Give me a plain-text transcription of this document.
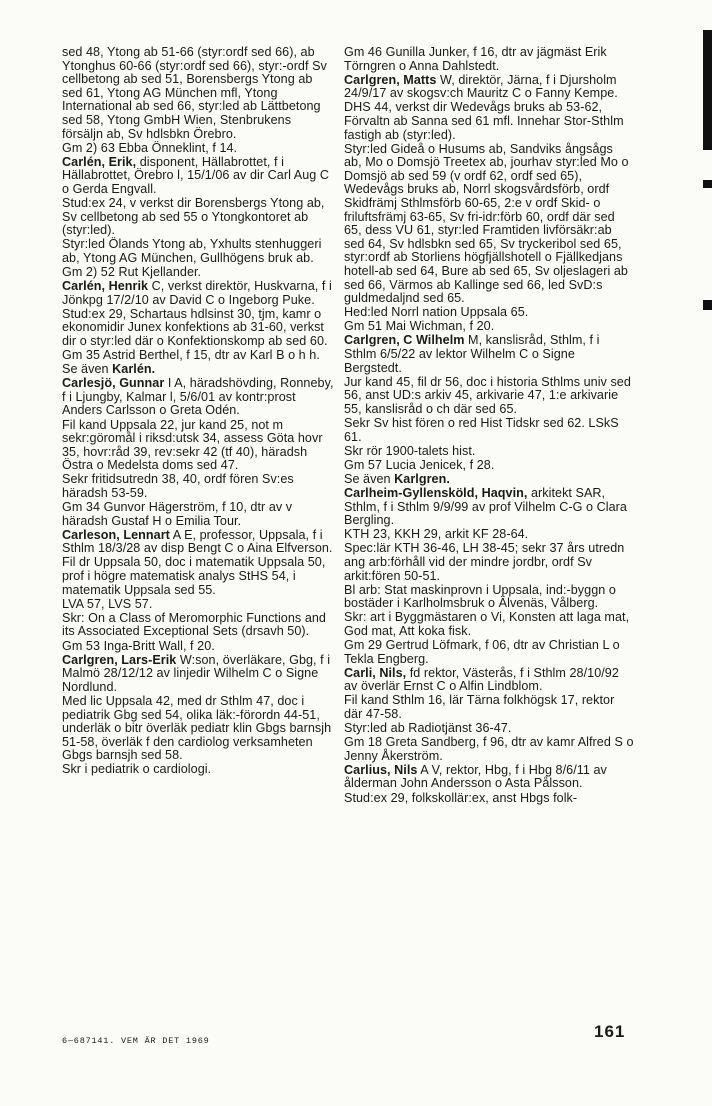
sed 48, Ytong ab 51-66 (styr:ordf sed 66), ab Ytonghus 60-66 (styr:ordf sed 66), styr:-ordf Sv cellbetong ab sed 51, Borensbergs Ytong ab sed 61, Ytong AG München mfl, Ytong International ab sed 66, styr:led ab Lättbetong sed 58, Ytong GmbH Wien, Stenbrukens försäljn ab, Sv hdlsbkn Örebro.

Gm 2) 63 Ebba Önneklint, f 14.

Carlén, Erik, disponent, Hällabrottet, f i Hällabrottet, Örebro l, 15/1/06 av dir Carl Aug C o Gerda Engvall.

Stud:ex 24, v verkst dir Borensbergs Ytong ab, Sv cellbetong ab sed 55 o Ytongkontoret ab (styr:led).

Styr:led Ölands Ytong ab, Yxhults stenhuggeri ab, Ytong AG München, Gullhögens bruk ab.

Gm 2) 52 Rut Kjellander.

Carlén, Henrik C, verkst direktör, Huskvarna, f i Jönkpg 17/2/10 av David C o Ingeborg Puke.

Stud:ex 29, Schartaus hdlsinst 30, tjm, kamr o ekonomidir Junex konfektions ab 31-60, verkst dir o styr:led där o Konfektionskomp ab sed 60.

Gm 35 Astrid Berthel, f 15, dtr av Karl B o h h.

Se även Karlén.

Carlesjö, Gunnar I A, häradshövding, Ronneby, f i Ljungby, Kalmar l, 5/6/01 av kontr:prost Anders Carlsson o Greta Odén.

Fil kand Uppsala 22, jur kand 25, not m sekr:göromål i riksd:utsk 34, assess Göta hovr 35, hovr:råd 39, rev:sekr 42 (tf 40), häradsh Östra o Medelsta doms sed 47.

Sekr fritidsutredn 38, 40, ordf fören Sv:es häradsh 53-59.

Gm 34 Gunvor Hägerström, f 10, dtr av v häradsh Gustaf H o Emilia Tour.

Carleson, Lennart A E, professor, Uppsala, f i Sthlm 18/3/28 av disp Bengt C o Aina Elfverson.

Fil dr Uppsala 50, doc i matematik Uppsala 50, prof i högre matematisk analys StHS 54, i matematik Uppsala sed 55.

LVA 57, LVS 57.

Skr: On a Class of Meromorphic Functions and its Associated Exceptional Sets (drsavh 50).

Gm 53 Inga-Britt Wall, f 20.

Carlgren, Lars-Erik W:son, överläkare, Gbg, f i Malmö 28/12/12 av linjedir Wilhelm C o Signe Nordlund.

Med lic Uppsala 42, med dr Sthlm 47, doc i pediatrik Gbg sed 54, olika läk:-förordn 44-51, underläk o bitr överläk pediatr klin Gbgs barnsjh 51-58, överläk f den cardiolog verksamheten Gbgs barnsjh sed 58.

Skr i pediatrik o cardiologi.

Gm 46 Gunilla Junker, f 16, dtr av jägmäst Erik Törngren o Anna Dahlstedt.

Carlgren, Matts W, direktör, Järna, f i Djursholm 24/9/17 av skogsv:ch Mauritz C o Fanny Kempe.

DHS 44, verkst dir Wedevågs bruks ab 53-62, Förvaltn ab Sanna sed 61 mfl. Innehar Stor-Sthlm fastigh ab (styr:led).

Styr:led Gideå o Husums ab, Sandviks ångsågs ab, Mo o Domsjö Treetex ab, jourhav styr:led Mo o Domsjö ab sed 59 (v ordf 62, ordf sed 65), Wedevågs bruks ab, Norrl skogsvårdsförb, ordf Skidfrämj Sthlmsförb 60-65, 2:e v ordf Skid- o friluftsfrämj 63-65, Sv fri-idr:förb 60, ordf där sed 65, dess VU 61, styr:led Framtiden livförsäkr:ab sed 64, Sv hdlsbkn sed 65, Sv tryckeribol sed 65, styr:ordf ab Storliens högfjällshotell o Fjällkedjans hotell-ab sed 64, Bure ab sed 65, Sv oljeslageri ab sed 66, Värmos ab Kallinge sed 66, led SvD:s guldmedaljnd sed 65.

Hed:led Norrl nation Uppsala 65.

Gm 51 Mai Wichman, f 20.

Carlgren, C Wilhelm M, kanslisråd, Sthlm, f i Sthlm 6/5/22 av lektor Wilhelm C o Signe Bergstedt.

Jur kand 45, fil dr 56, doc i historia Sthlms univ sed 56, anst UD:s arkiv 45, arkivarie 47, 1:e arkivarie 55, kanslisråd o ch där sed 65.

Sekr Sv hist fören o red Hist Tidskr sed 62. LSkS 61.

Skr rör 1900-talets hist.

Gm 57 Lucia Jenicek, f 28.

Se även Karlgren.

Carlheim-Gyllensköld, Haqvin, arkitekt SAR, Sthlm, f i Sthlm 9/9/99 av prof Vilhelm C-G o Clara Bergling.

KTH 23, KKH 29, arkit KF 28-64.

Spec:lär KTH 36-46, LH 38-45; sekr 37 års utredn ang arb:förhåll vid der mindre jordbr, ordf Sv arkit:fören 50-51.

Bl arb: Stat maskinprovn i Uppsala, ind:-byggn o bostäder i Karlholmsbruk o Älvenäs, Vålberg.

Skr: art i Byggmästaren o Vi, Konsten att laga mat, God mat, Att koka fisk.

Gm 29 Gertrud Löfmark, f 06, dtr av Christian L o Tekla Engberg.

Carli, Nils, fd rektor, Västerås, f i Sthlm 28/10/92 av överlär Ernst C o Alfin Lindblom.

Fil kand Sthlm 16, lär Tärna folkhögsk 17, rektor där 47-58.

Styr:led ab Radiotjänst 36-47.

Gm 18 Greta Sandberg, f 96, dtr av kamr Alfred S o Jenny Åkerström.

Carlius, Nils A V, rektor, Hbg, f i Hbg 8/6/11 av ålderman John Andersson o Asta Pålsson.

Stud:ex 29, folkskollär:ex, anst Hbgs folk-

6—687141. VEM ÄR DET 1969	161
